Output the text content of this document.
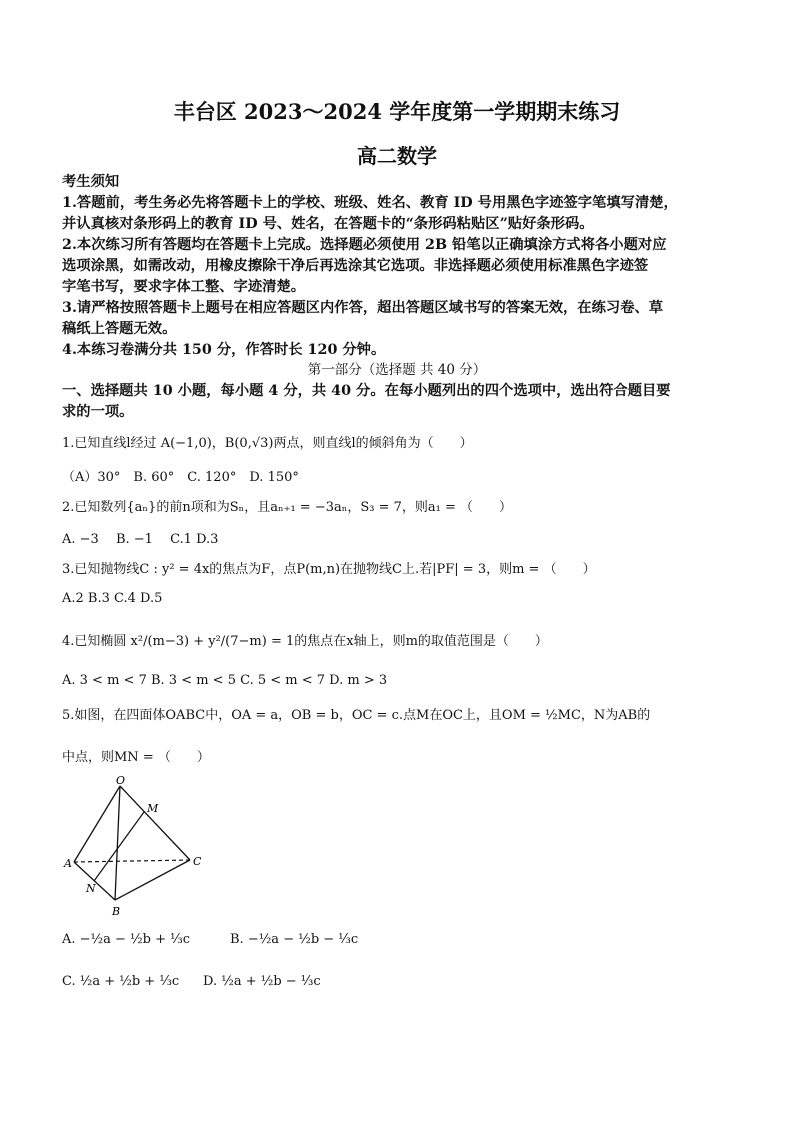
丰台区 2023～2024 学年度第一学期期末练习
高二数学
考生须知
1.答题前，考生务必先将答题卡上的学校、班级、姓名、教育 ID 号用黑色字迹签字笔填写清楚，
并认真核对条形码上的教育 ID 号、姓名，在答题卡的“条形码粘贴区”贴好条形码。
2.本次练习所有答题均在答题卡上完成。选择题必须使用 2B 铅笔以正确填涂方式将各小题对应
选项涂黑，如需改动，用橡皮擦除干净后再选涂其它选项。非选择题必须使用标准黑色字迹签
字笔书写，要求字体工整、字迹清楚。
3.请严格按照答题卡上题号在相应答题区内作答，超出答题区域书写的答案无效，在练习卷、草
稿纸上答题无效。
4.本练习卷满分共 150 分，作答时长 120 分钟。
第一部分（选择题 共 40 分）
一、选择题共 10 小题，每小题 4 分，共 40 分。在每小题列出的四个选项中，选出符合题目要
求的一项。
1.已知直线l经过 A(−1,0)，B(0,√3)两点，则直线l的倾斜角为（　　）
（A）30°　B. 60°　C. 120°　D. 150°
2.已知数列{aₙ}的前n项和为Sₙ，且aₙ₊₁ = −3aₙ，S₃ = 7，则a₁ = （　　）
A. −3　 B. −1　 C.1 D.3
3.已知抛物线C : y² = 4x的焦点为F，点P(m,n)在抛物线C上.若|PF| = 3，则m = （　　）
A.2 B.3 C.4 D.5
4.已知椭圆 x²/(m−3) + y²/(7−m) = 1的焦点在x轴上，则m的取值范围是（　　）
A. 3 < m < 7 B. 3 < m < 5 C. 5 < m < 7 D. m > 3
5.如图，在四面体OABC中，OA = a，OB = b，OC = c.点M在OC上，且OM = ½MC，N为AB的
中点，则MN = （　　）
O
M
A	C
N
B
A. −½a − ½b + ⅓c	B. −½a − ½b − ⅓c
C. ½a + ½b + ⅓c	D. ½a + ½b − ⅓c
